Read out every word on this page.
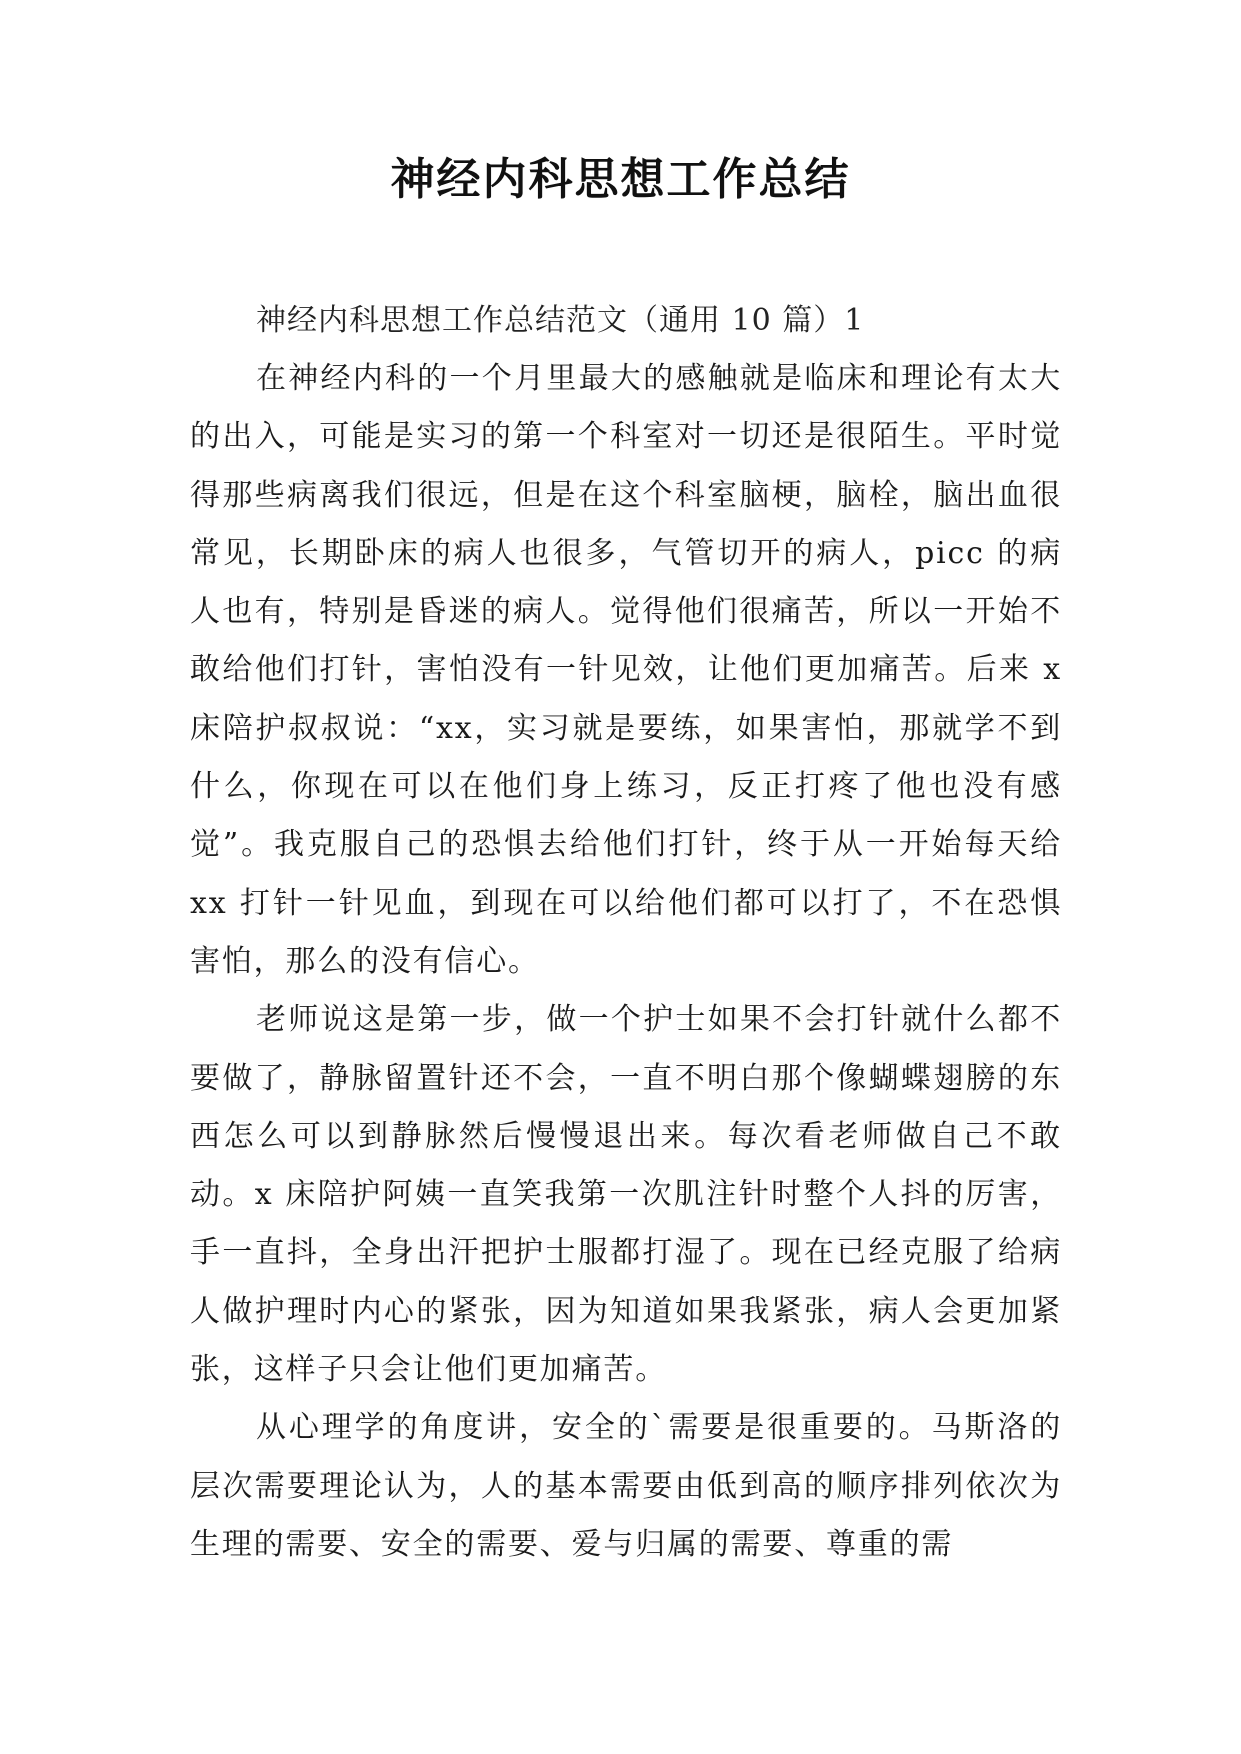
神经内科思想工作总结

神经内科思想工作总结范文（通用 10 篇）1

在神经内科的一个月里最大的感触就是临床和理论有太大的出入，可能是实习的第一个科室对一切还是很陌生。平时觉得那些病离我们很远，但是在这个科室脑梗，脑栓，脑出血很常见，长期卧床的病人也很多，气管切开的病人，picc 的病人也有，特别是昏迷的病人。觉得他们很痛苦，所以一开始不敢给他们打针，害怕没有一针见效，让他们更加痛苦。后来 x 床陪护叔叔说：“xx，实习就是要练，如果害怕，那就学不到什么，你现在可以在他们身上练习，反正打疼了他也没有感觉”。我克服自己的恐惧去给他们打针，终于从一开始每天给 xx 打针一针见血，到现在可以给他们都可以打了，不在恐惧害怕，那么的没有信心。

老师说这是第一步，做一个护士如果不会打针就什么都不要做了，静脉留置针还不会，一直不明白那个像蝴蝶翅膀的东西怎么可以到静脉然后慢慢退出来。每次看老师做自己不敢动。x 床陪护阿姨一直笑我第一次肌注针时整个人抖的厉害，手一直抖，全身出汗把护士服都打湿了。现在已经克服了给病人做护理时内心的紧张，因为知道如果我紧张，病人会更加紧张，这样子只会让他们更加痛苦。

从心理学的角度讲，安全的`需要是很重要的。马斯洛的层次需要理论认为，人的基本需要由低到高的顺序排列依次为生理的需要、安全的需要、爱与归属的需要、尊重的需
